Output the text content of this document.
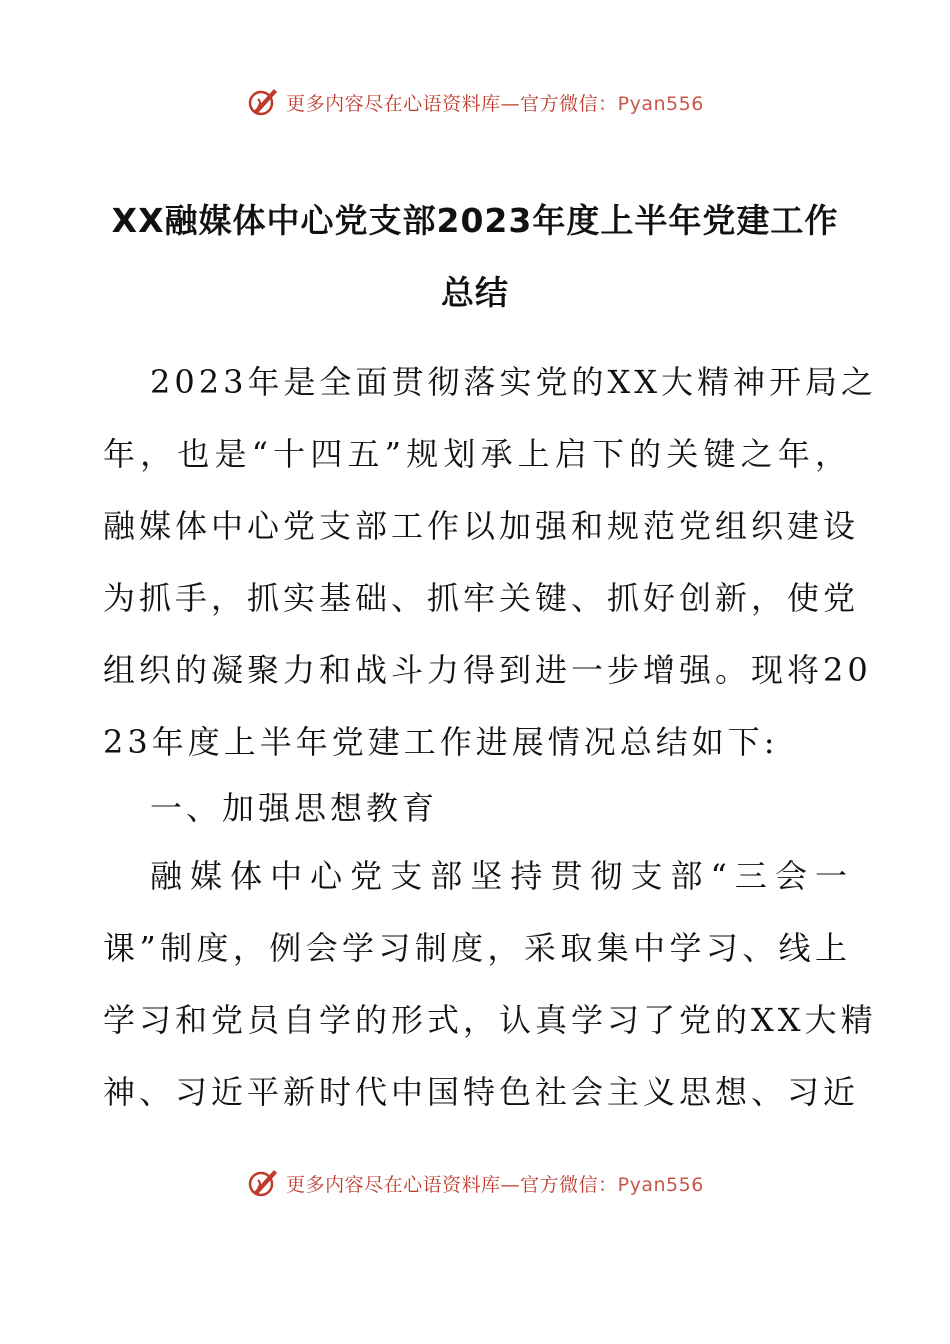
更多内容尽在心语资料库—官方微信：Pyan556
XX融媒体中心党支部2023年度上半年党建工作
总结
2023年是全面贯彻落实党的XX大精神开局之
年，也是“十四五”规划承上启下的关键之年，
融媒体中心党支部工作以加强和规范党组织建设
为抓手，抓实基础、抓牢关键、抓好创新，使党
组织的凝聚力和战斗力得到进一步增强。现将20
23年度上半年党建工作进展情况总结如下:
一、加强思想教育
融媒体中心党支部坚持贯彻支部“三会一
课”制度，例会学习制度，采取集中学习、线上
学习和党员自学的形式，认真学习了党的XX大精
神、习近平新时代中国特色社会主义思想、习近
更多内容尽在心语资料库—官方微信：Pyan556
